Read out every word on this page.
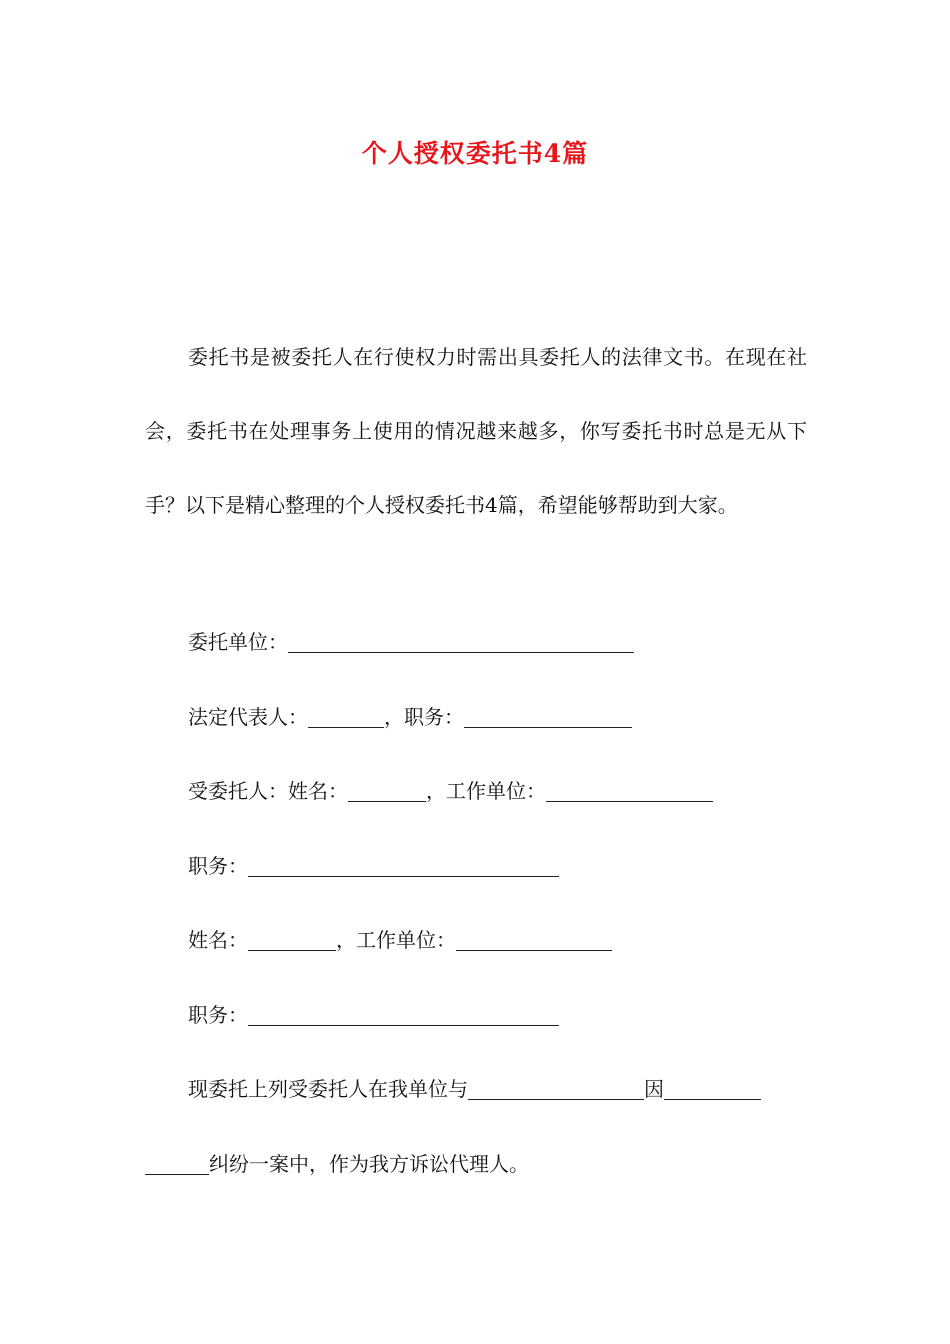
个人授权委托书4篇

委托书是被委托人在行使权力时需出具委托人的法律文书。在现在社会，委托书在处理事务上使用的情况越来越多，你写委托书时总是无从下手？以下是精心整理的个人授权委托书4篇，希望能够帮助到大家。

委托单位：
法定代表人：	，职务：
受委托人：姓名：	，工作单位：
职务：
姓名：	，工作单位：
职务：
现委托上列受委托人在我单位与	因
纠纷一案中，作为我方诉讼代理人。
